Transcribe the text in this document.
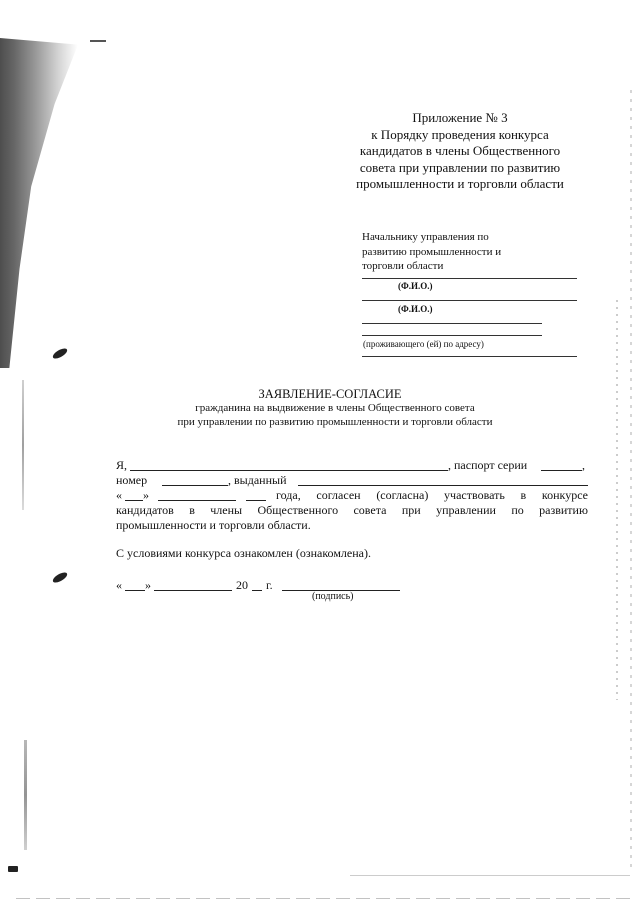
Приложение № 3
к Порядку проведения конкурса
кандидатов в члены Общественного
совета при управлении по развитию
промышленности и торговли области
Начальнику управления по
развитию промышленности и
торговли области
(Ф.И.О.)
(Ф.И.О.)
(проживающего (ей) по адресу)
ЗАЯВЛЕНИЕ-СОГЛАСИЕ
гражданина на выдвижение в члены Общественного совета
при управлении по развитию промышленности и торговли области
Я,	, паспорт серии	,
номер	, выданный
« »	года, согласен (согласна) участвовать в конкурсе
кандидатов в члены Общественного совета при управлении по развитию
промышленности и торговли области.
С условиями конкурса ознакомлен (ознакомлена).
« »	20 г.
(подпись)
